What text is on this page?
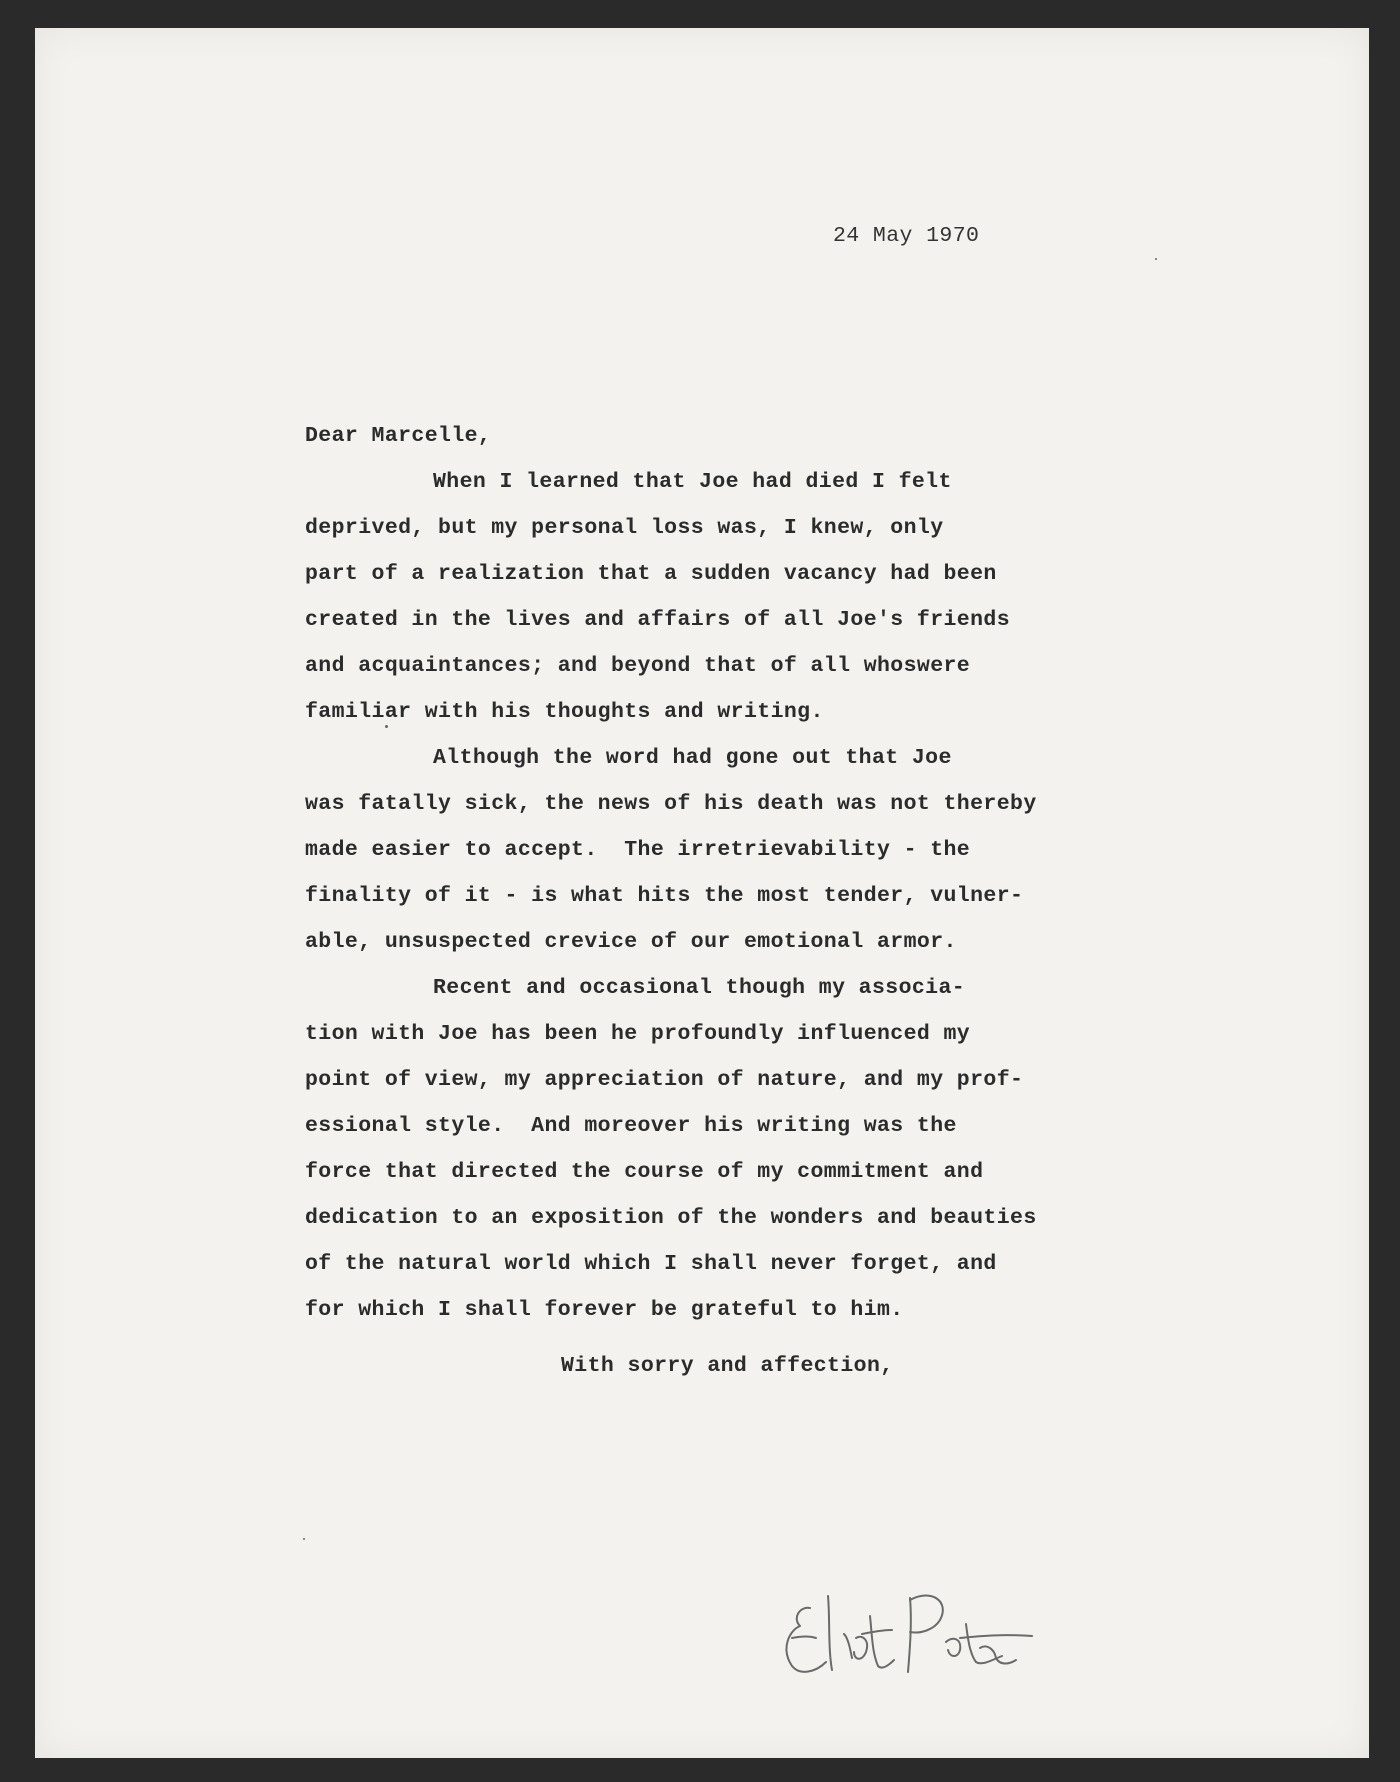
24 May 1970
Dear Marcelle,
When I learned that Joe had died I felt
deprived, but my personal loss was, I knew, only
part of a realization that a sudden vacancy had been
created in the lives and affairs of all Joe's friends
and acquaintances; and beyond that of all whoswere
familiar with his thoughts and writing.
Although the word had gone out that Joe
was fatally sick, the news of his death was not thereby
made easier to accept.  The irretrievability - the
finality of it - is what hits the most tender, vulner-
able, unsuspected crevice of our emotional armor.
Recent and occasional though my associa-
tion with Joe has been he profoundly influenced my
point of view, my appreciation of nature, and my prof-
essional style.  And moreover his writing was the
force that directed the course of my commitment and
dedication to an exposition of the wonders and beauties
of the natural world which I shall never forget, and
for which I shall forever be grateful to him.
With sorry and affection,
